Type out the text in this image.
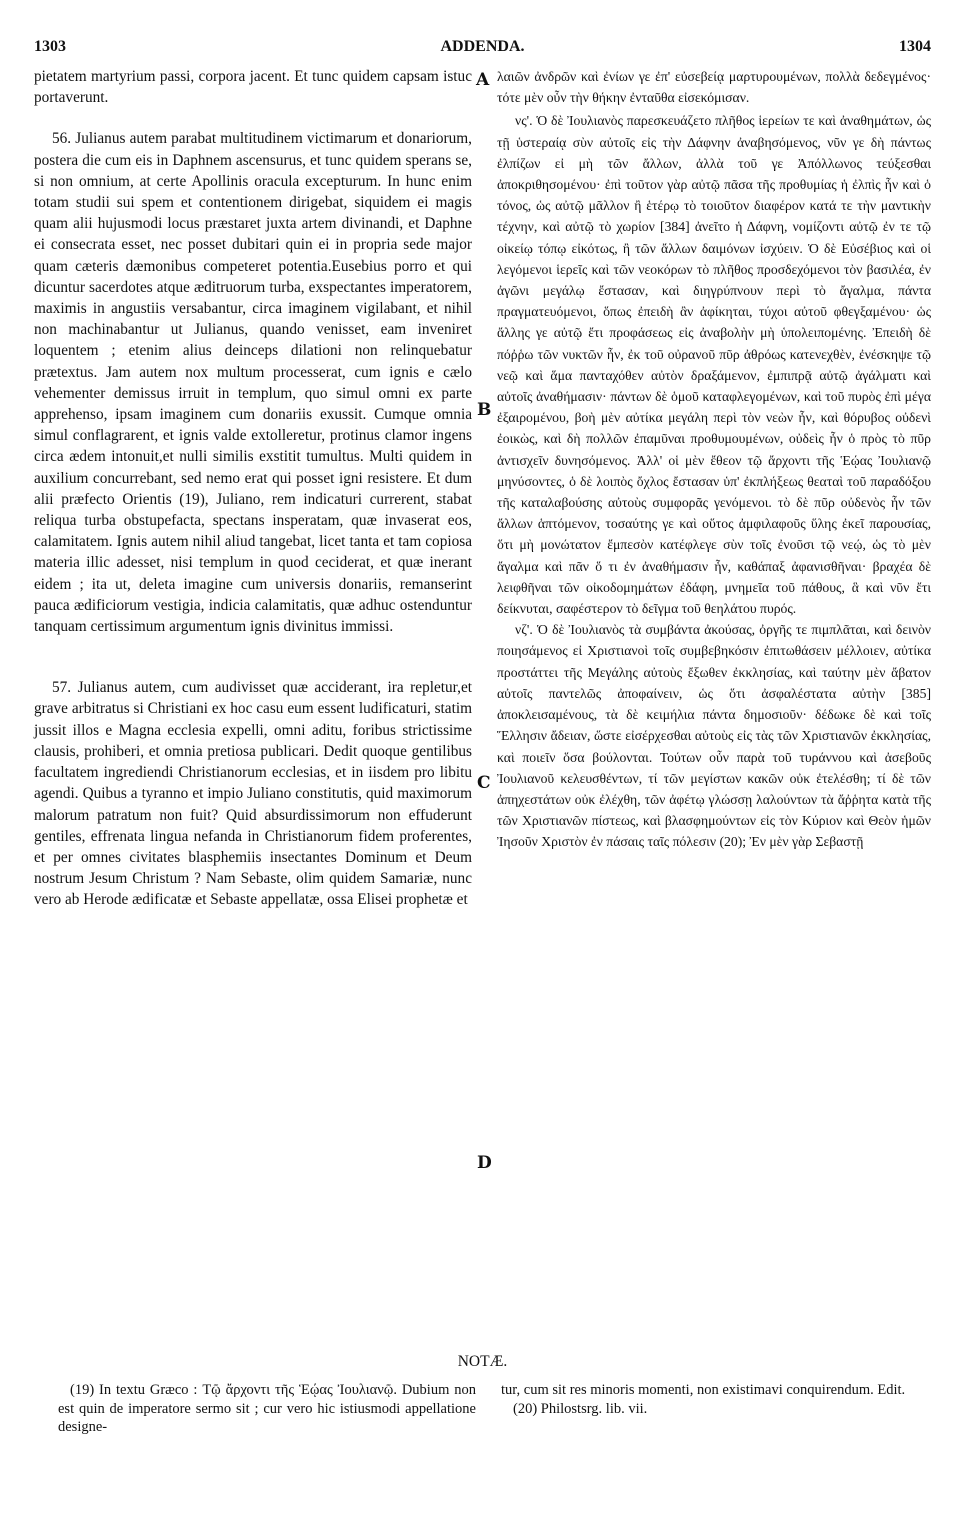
1303	ADDENDA.	1304

pietatem martyrium passi, corpora jacent. Et tunc quidem capsam istuc portaverunt.

56. Julianus autem parabat multitudinem victimarum et donariorum, postera die cum eis in Daphnem ascensurus, et tunc quidem sperans se, si non omnium, at certe Apollinis oracula excepturum. In hunc enim totam studii sui spem et contentionem dirigebat, siquidem ei magis quam alii hujusmodi locus præstaret juxta artem divinandi, et Daphne ei consecrata esset, nec posset dubitari quin ei in propria sede major quam cæteris dæmonibus competeret potentia.Eusebius porro et qui dicuntur sacerdotes atque æditruorum turba, exspectantes imperatorem, maximis in angustiis versabantur, circa imaginem vigilabant, et nihil non machinabantur ut Julianus, quando venisset, eam inveniret loquentem ; etenim alius deinceps dilationi non relinquebatur prætextus. Jam autem nox multum processerat, cum ignis e cælo vehementer demissus irruit in templum, quo simul omni ex parte apprehenso, ipsam imaginem cum donariis exussit. Cumque omnia simul conflagrarent, et ignis valde extolleretur, protinus clamor ingens circa ædem intonuit,et nulli similis exstitit tumultus. Multi quidem in auxilium concurrebant, sed nemo erat qui posset igni resistere. Et dum alii præfecto Orientis (19), Juliano, rem indicaturi currerent, stabat reliqua turba obstupefacta, spectans insperatam, quæ invaserat eos, calamitatem. Ignis autem nihil aliud tangebat, licet tanta et tam copiosa materia illic adesset, nisi templum in quod ceciderat, et quæ inerant eidem ; ita ut, deleta imagine cum universis donariis, remanserint pauca ædificiorum vestigia, indicia calamitatis, quæ adhuc ostenduntur tanquam certissimum argumentum ignis divinitus immissi.

57. Julianus autem, cum audivisset quæ acciderant, ira repletur,et grave arbitratus si Christiani ex hoc casu eum essent ludificaturi, statim jussit illos e Magna ecclesia expelli, omni aditu, foribus strictissime clausis, prohiberi, et omnia pretiosa publicari. Dedit quoque gentilibus facultatem ingrediendi Christianorum ecclesias, et in iisdem pro libitu agendi. Quibus a tyranno et impio Juliano constitutis, quid maximorum malorum patratum non fuit? Quid absurdissimorum non effuderunt gentiles, effrenata lingua nefanda in Christianorum fidem proferentes, et per omnes civitates blasphemiis insectantes Dominum et Deum nostrum Jesum Christum ? Nam Sebaste, olim quidem Samariæ, nunc vero ab Herode ædificatæ et Sebaste appellatæ, ossa Elisei prophetæ et

A
B
C
D

λαιῶν ἀνδρῶν καὶ ἐνίων γε ἐπ' εὐσεβείᾳ μαρτυρουμένων, πολλὰ δεδεγμένος· τότε μὲν οὖν τὴν θήκην ἐνταῦθα εἰσεκόμισαν.

νς'. Ὁ δὲ Ἰουλιανὸς παρεσκευάζετο πλῆθος ἱερείων τε καὶ ἀναθημάτων, ὡς τῇ ὑστεραίᾳ σὺν αὐτοῖς εἰς τὴν Δάφνην ἀναβησόμενος, νῦν γε δὴ πάντως ἐλπίζων εἰ μὴ τῶν ἄλλων, ἀλλὰ τοῦ γε Ἀπόλλωνος τεύξεσθαι ἀποκριθησομένου· ἐπὶ τοῦτον γὰρ αὐτῷ πᾶσα τῆς προθυμίας ἡ ἐλπὶς ἦν καὶ ὁ τόνος, ὡς αὐτῷ μᾶλλον ἢ ἑτέρῳ τὸ τοιοῦτον διαφέρον κατά τε τὴν μαντικὴν τέχνην, καὶ αὐτῷ τὸ χωρίον [384] ἀνεῖτο ἡ Δάφνη, νομίζοντι αὐτῷ ἐν τε τῷ οἰκείῳ τόπῳ εἰκότως, ἢ τῶν ἄλλων δαιμόνων ἰσχύειν. Ὁ δὲ Εὐσέβιος καὶ οἱ λεγόμενοι ἱερεῖς καὶ τῶν νεοκόρων τὸ πλῆθος προσδεχόμενοι τὸν βασιλέα, ἐν ἀγῶνι μεγάλῳ ἔστασαν, καὶ διηγρύπνουν περὶ τὸ ἄγαλμα, πάντα πραγματευόμενοι, ὅπως ἐπειδὴ ἂν ἀφίκηται, τύχοι αὐτοῦ φθεγξαμένου· ὡς ἄλλης γε αὐτῷ ἔτι προφάσεως εἰς ἀναβολὴν μὴ ὑπολειπομένης. Ἐπειδὴ δὲ πόῤῥω τῶν νυκτῶν ἦν, ἐκ τοῦ οὐρανοῦ πῦρ ἀθρόως κατενεχθὲν, ἐνέσκηψε τῷ νεῷ καὶ ἅμα πανταχόθεν αὐτὸν δραξάμενον, ἐμπιπρᾷ αὐτῷ ἀγάλματι καὶ αὐτοῖς ἀναθήμασιν· πάντων δὲ ὁμοῦ καταφλεγομένων, καὶ τοῦ πυρὸς ἐπὶ μέγα ἐξαιρομένου, βοὴ μὲν αὐτίκα μεγάλη περὶ τὸν νεὼν ἦν, καὶ θόρυβος οὐδενὶ ἐοικὼς, καὶ δὴ πολλῶν ἐπαμῦναι προθυμουμένων, οὐδεὶς ἦν ὁ πρὸς τὸ πῦρ ἀντισχεῖν δυνησόμενος. Ἀλλ' οἱ μὲν ἔθεον τῷ ἄρχοντι τῆς Ἑῴας Ἰουλιανῷ μηνύσοντες, ὁ δὲ λοιπὸς ὄχλος ἔστασαν ὑπ' ἐκπλήξεως θεαταὶ τοῦ παραδόξου τῆς καταλαβούσης αὐτοὺς συμφορᾶς γενόμενοι. τὸ δὲ πῦρ οὐδενὸς ἦν τῶν ἄλλων ἁπτόμενον, τοσαύτης γε καὶ οὕτος ἀμφιλαφοῦς ὕλης ἐκεῖ παρουσίας, ὅτι μὴ μονώτατον ἔμπεσὸν κατέφλεγε σὺν τοῖς ἐνοῦσι τῷ νεῴ, ὡς τὸ μὲν ἄγαλμα καὶ πᾶν ὅ τι ἐν ἀναθήμασιν ἦν, καθάπαξ ἀφανισθῆναι· βραχέα δὲ λειφθῆναι τῶν οἰκοδομημάτων ἐδάφη, μνημεῖα τοῦ πάθους, ἃ καὶ νῦν ἔτι δείκνυται, σαφέστερον τὸ δεῖγμα τοῦ θεηλάτου πυρός.

νζ'. Ὁ δὲ Ἰουλιανὸς τὰ συμβάντα ἀκούσας, ὀργῆς τε πιμπλᾶται, καὶ δεινὸν ποιησάμενος εἰ Χριστιανοὶ τοῖς συμβεβηκόσιν ἐπιτωθάσειν μέλλοιεν, αὐτίκα προστάττει τῆς Μεγάλης αὐτοὺς ἔξωθεν ἐκκλησίας, καὶ ταύτην μὲν ἄβατον αὐτοῖς παντελῶς ἀποφαίνειν, ὡς ὅτι ἀσφαλέστατα αὐτὴν [385] ἀποκλεισαμένους, τὰ δὲ κειμήλια πάντα δημοσιοῦν· δέδωκε δὲ καὶ τοῖς Ἕλλησιν ἄδειαν, ὥστε εἰσέρχεσθαι αὐτοὺς εἰς τὰς τῶν Χριστιανῶν ἐκκλησίας, καὶ ποιεῖν ὅσα βούλονται. Τούτων οὖν παρὰ τοῦ τυράννου καὶ ἀσεβοῦς Ἰουλιανοῦ κελευσθέντων, τί τῶν μεγίστων κακῶν οὐκ ἐτελέσθη; τί δὲ τῶν ἀπηχεστάτων οὐκ ἐλέχθη, τῶν ἀφέτῳ γλώσσῃ λαλούντων τὰ ἄῤῥητα κατὰ τῆς τῶν Χριστιανῶν πίστεως, καὶ βλασφημούντων εἰς τὸν Κύριον καὶ Θεὸν ἡμῶν Ἰησοῦν Χριστὸν ἐν πάσαις ταῖς πόλεσιν (20); Ἐν μὲν γὰρ Σεβαστῇ

NOTÆ.
(19) In textu Græco : Τῷ ἄρχοντι τῆς Ἑῴας Ἰουλιανῷ. Dubium non est quin de imperatore sermo sit ; cur vero hic istiusmodi appellatione designe-
tur, cum sit res minoris momenti, non existimavi conquirendum. Edit.
(20) Philostsrg. lib. vii.
